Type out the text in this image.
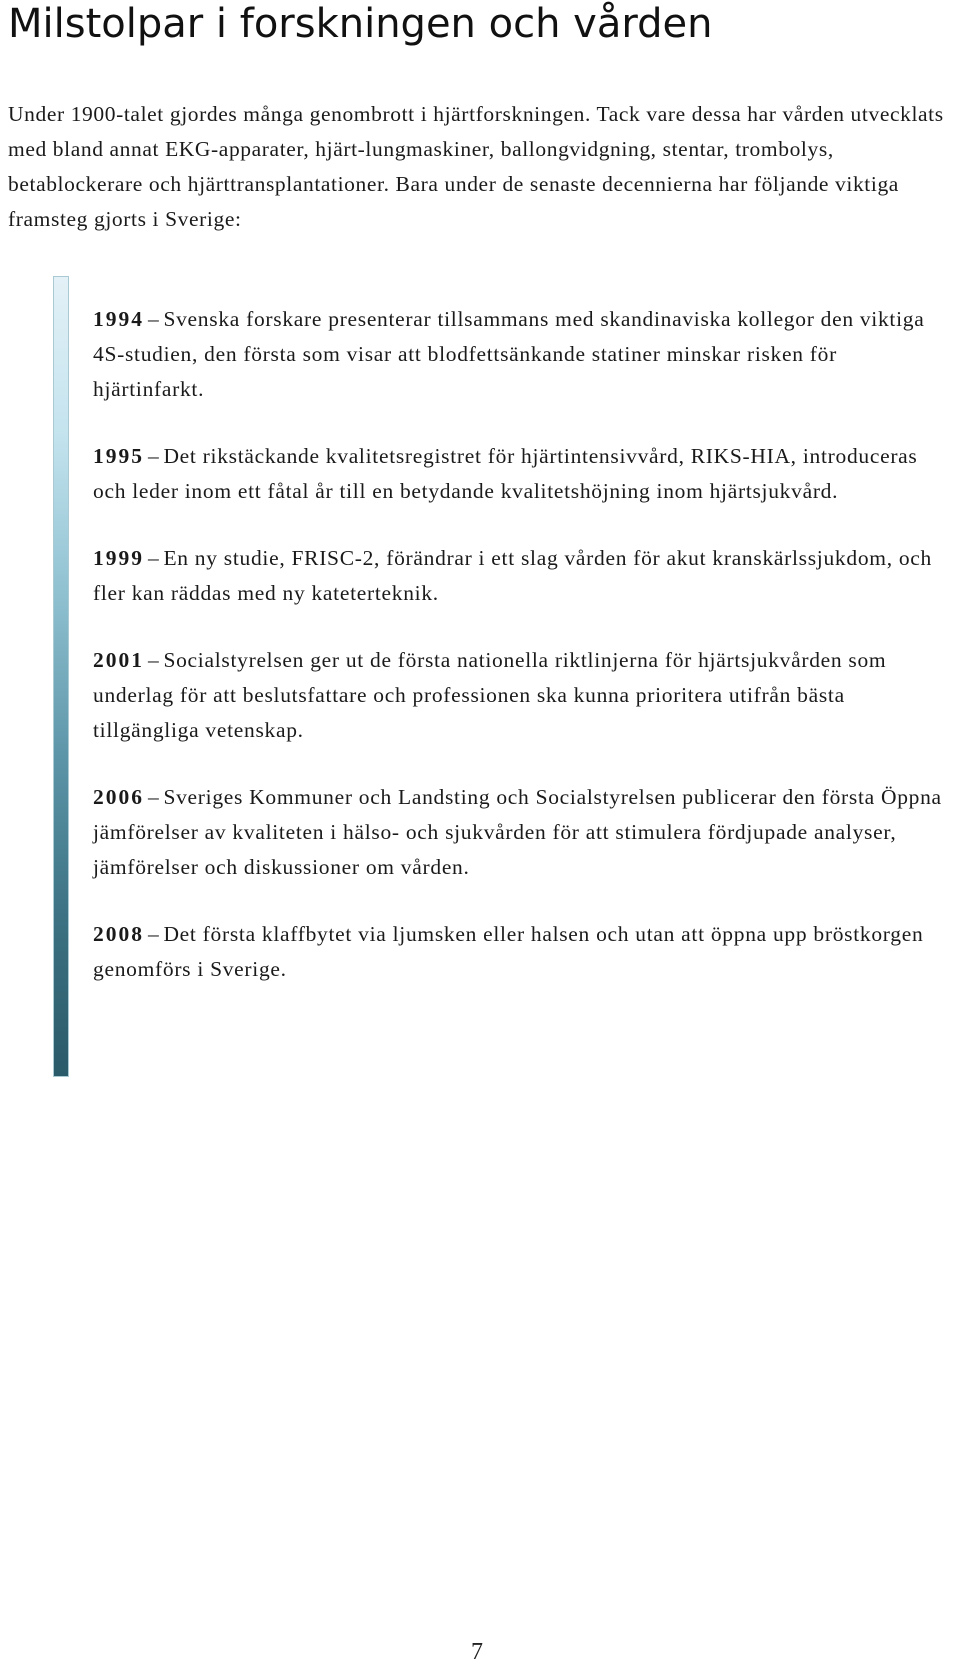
Milstolpar i forskningen och vården

Under 1900-talet gjordes många genombrott i hjärtforskningen. Tack vare dessa har vården utvecklats med bland annat EKG-apparater, hjärt-lungmaskiner, ballongvidgning, stentar, trombolys, betablockerare och hjärttransplantationer. Bara under de senaste decennierna har följande viktiga framsteg gjorts i Sverige:

1994 – Svenska forskare presenterar tillsammans med skandinaviska kollegor den viktiga 4S-studien, den första som visar att blodfettsänkande statiner minskar risken för hjärtinfarkt.
1995 – Det rikstäckande kvalitetsregistret för hjärtintensivvård, RIKS-HIA, introduceras och leder inom ett fåtal år till en betydande kvalitetshöjning inom hjärtsjukvård.
1999 – En ny studie, FRISC-2, förändrar i ett slag vården för akut kranskärlssjukdom, och fler kan räddas med ny kateterteknik.
2001 – Socialstyrelsen ger ut de första nationella riktlinjerna för hjärtsjukvården som underlag för att beslutsfattare och professionen ska kunna prioritera utifrån bästa tillgängliga vetenskap.
2006 – Sveriges Kommuner och Landsting och Socialstyrelsen publicerar den första Öppna jämförelser av kvaliteten i hälso- och sjukvården för att stimulera fördjupade analyser, jämförelser och diskussioner om vården.
2008 – Det första klaffbytet via ljumsken eller halsen och utan att öppna upp bröstkorgen genomförs i Sverige.
7
